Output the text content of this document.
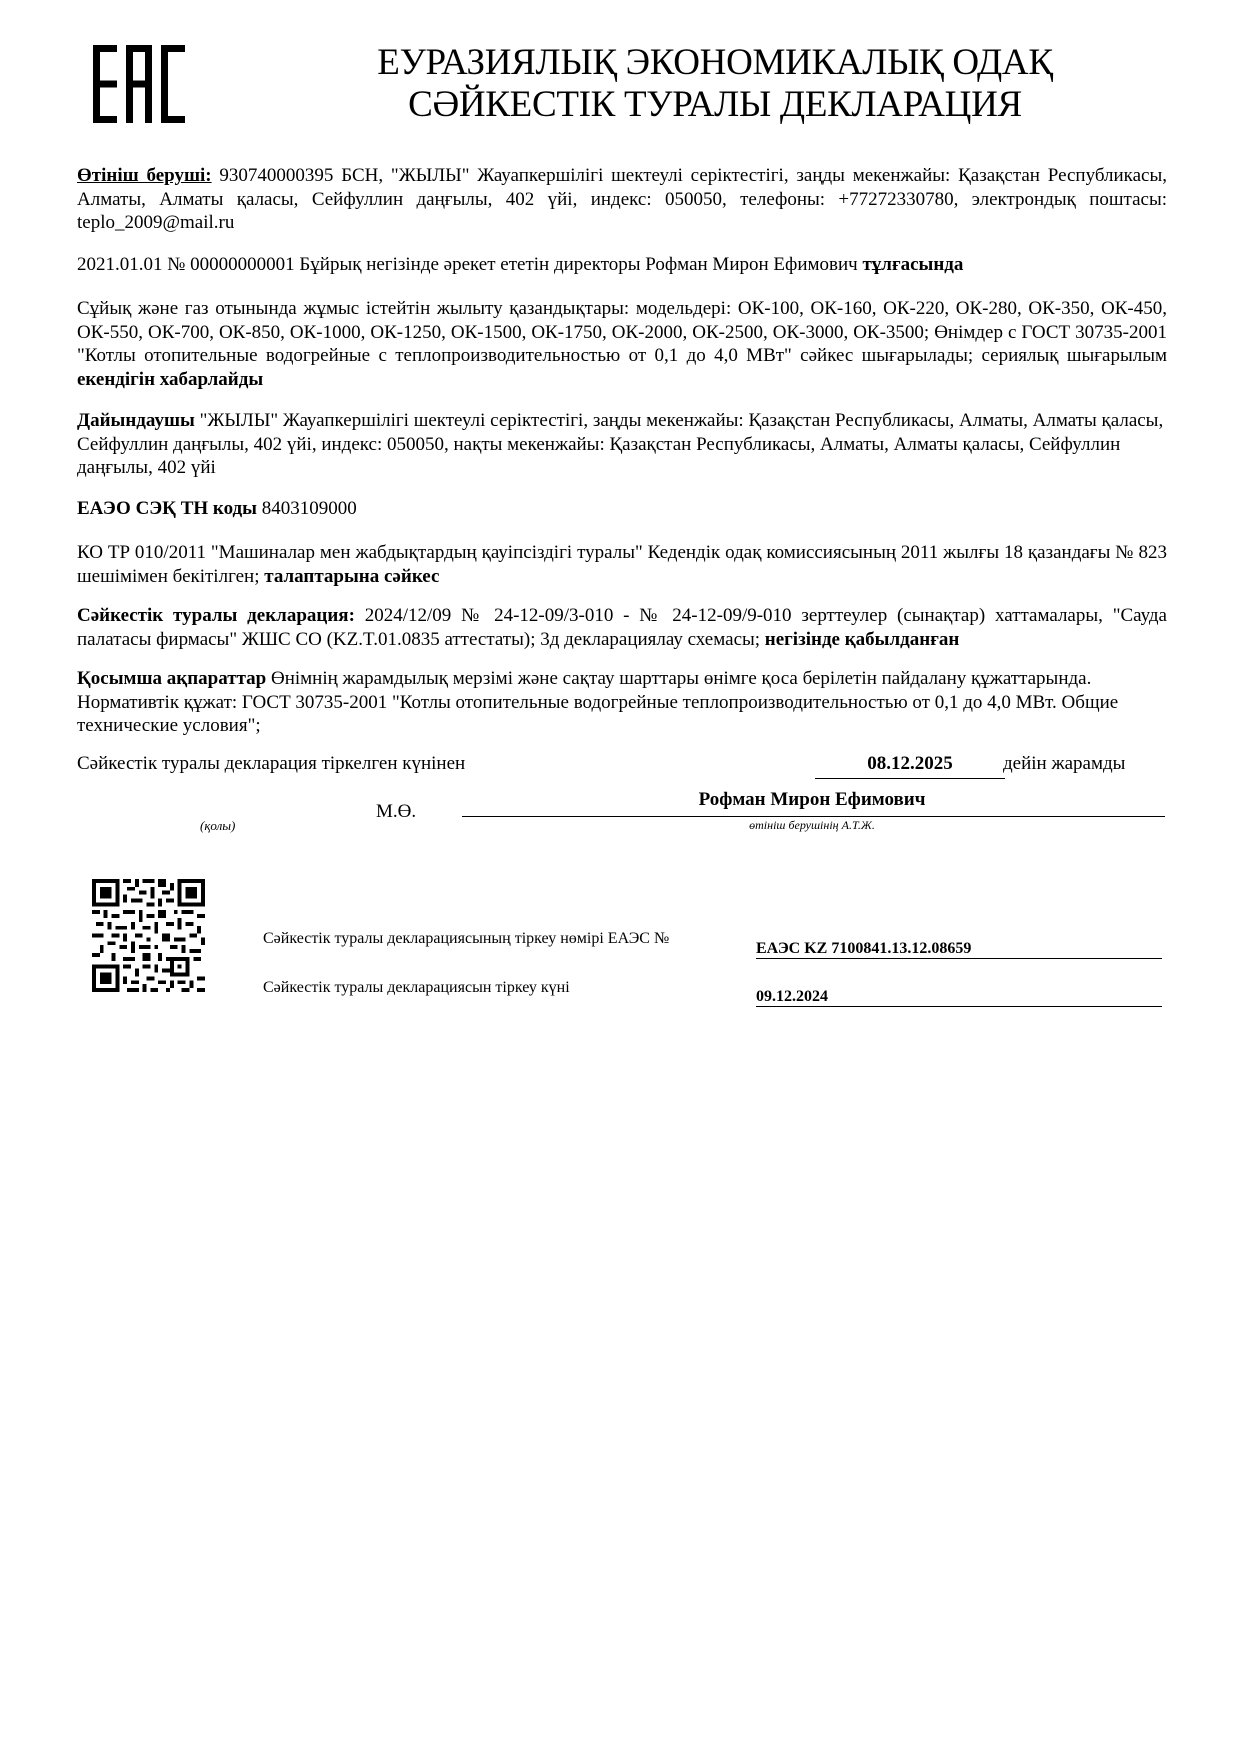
ЕУРАЗИЯЛЫҚ ЭКОНОМИКАЛЫҚ ОДАҚ
СӘЙКЕСТІК ТУРАЛЫ ДЕКЛАРАЦИЯ
Өтініш беруші: 930740000395 БСН, "ЖЫЛЫ" Жауапкершілігі шектеулі серіктестігі, заңды мекенжайы: Қазақстан Республикасы, Алматы, Алматы қаласы, Сейфуллин даңғылы, 402 үйі, индекс: 050050, телефоны: +77272330780, электрондық поштасы: teplo_2009@mail.ru
2021.01.01 № 00000000001 Бұйрық негізінде әрекет ететін директоры Рофман Мирон Ефимович тұлғасында
Сұйық және газ отынында жұмыс істейтін жылыту қазандықтары: модельдері: ОК-100, ОК-160, ОК-220, ОК-280, ОК-350, ОК-450, ОК-550, ОК-700, ОК-850, ОК-1000, ОК-1250, ОК-1500, ОК-1750, ОК-2000, ОК-2500, ОК-3000, ОК-3500; Өнімдер с ГОСТ 30735-2001 "Котлы отопительные водогрейные с теплопроизводительностью от 0,1 до 4,0 МВт" сәйкес шығарылады; сериялық шығарылым екендігін хабарлайды
Дайындаушы "ЖЫЛЫ" Жауапкершілігі шектеулі серіктестігі, заңды мекенжайы: Қазақстан Республикасы, Алматы, Алматы қаласы, Сейфуллин даңғылы, 402 үйі, индекс: 050050, нақты мекенжайы: Қазақстан Республикасы, Алматы, Алматы қаласы, Сейфуллин даңғылы, 402 үйі
ЕАЭО СЭҚ ТН коды 8403109000
КО ТР 010/2011 "Машиналар мен жабдықтардың қауіпсіздігі туралы" Кедендік одақ комиссиясының 2011 жылғы 18 қазандағы № 823 шешімімен бекітілген; талаптарына сәйкес
Сәйкестік туралы декларация: 2024/12/09 № 24-12-09/3-010 - № 24-12-09/9-010 зерттеулер (сынақтар) хаттамалары, "Сауда палатасы фирмасы" ЖШС СО (KZ.T.01.0835 аттестаты); 3д декларациялау схемасы; негізінде қабылданған
Қосымша ақпараттар Өнімнің жарамдылық мерзімі және сақтау шарттары өнімге қоса берілетін пайдалану құжаттарында. Нормативтік құжат: ГОСТ 30735-2001 "Котлы отопительные водогрейные теплопроизводительностью от 0,1 до 4,0 МВт. Общие технические условия";
Сәйкестік туралы декларация тіркелген күнінен	08.12.2025	дейін жарамды
(қолы)
М.Ө.
Рофман Мирон Ефимович
өтініш берушінің А.Т.Ж.
Сәйкестік туралы декларациясының тіркеу нөмірі ЕАЭС №
ЕАЭС KZ 7100841.13.12.08659
Сәйкестік туралы декларациясын тіркеу күні
09.12.2024
